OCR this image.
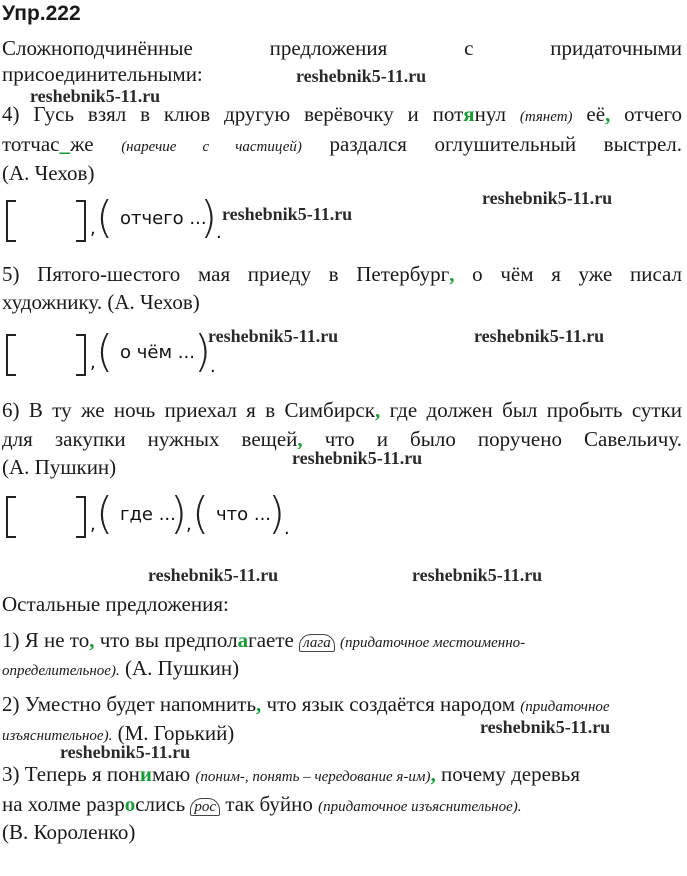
Упр.222
Сложноподчинённые	предложения	с	придаточными
присоединительными:
4) Гусь взял в клюв другую верёвочку и потянул (тянет) её, отчего
тотчас_же (наречие с частицей) раздался оглушительный выстрел.
(А. Чехов)
, ( отчего ...
)
.
5) Пятого-шестого мая приеду в Петербург, о чём я уже писал
художнику. (А. Чехов)
, ( о чём ... )
.
6) В ту же ночь приехал я в Симбирск, где должен был пробыть сутки
для закупки нужных вещей, что и было поручено Савельичу.
(А. Пушкин)
, ( где ...
)
, ( что ...
)
.
Остальные предложения:
1) Я не то, что вы предполагаете лага (придаточное местоименно-
определительное). (А. Пушкин)
2) Уместно будет напомнить, что язык создаётся народом (придаточное
изъяснительное). (М. Горький)
3) Теперь я понимаю (поним-, понять – чередование я-им), почему деревья
на холме разрослись рос так буйно (придаточное изъяснительное).
(В. Короленко)
reshebnik5-11.ru
reshebnik5-11.ru
reshebnik5-11.ru
reshebnik5-11.ru
reshebnik5-11.ru	reshebnik5-11.ru
reshebnik5-11.ru
reshebnik5-11.ru	reshebnik5-11.ru
reshebnik5-11.ru
reshebnik5-11.ru
